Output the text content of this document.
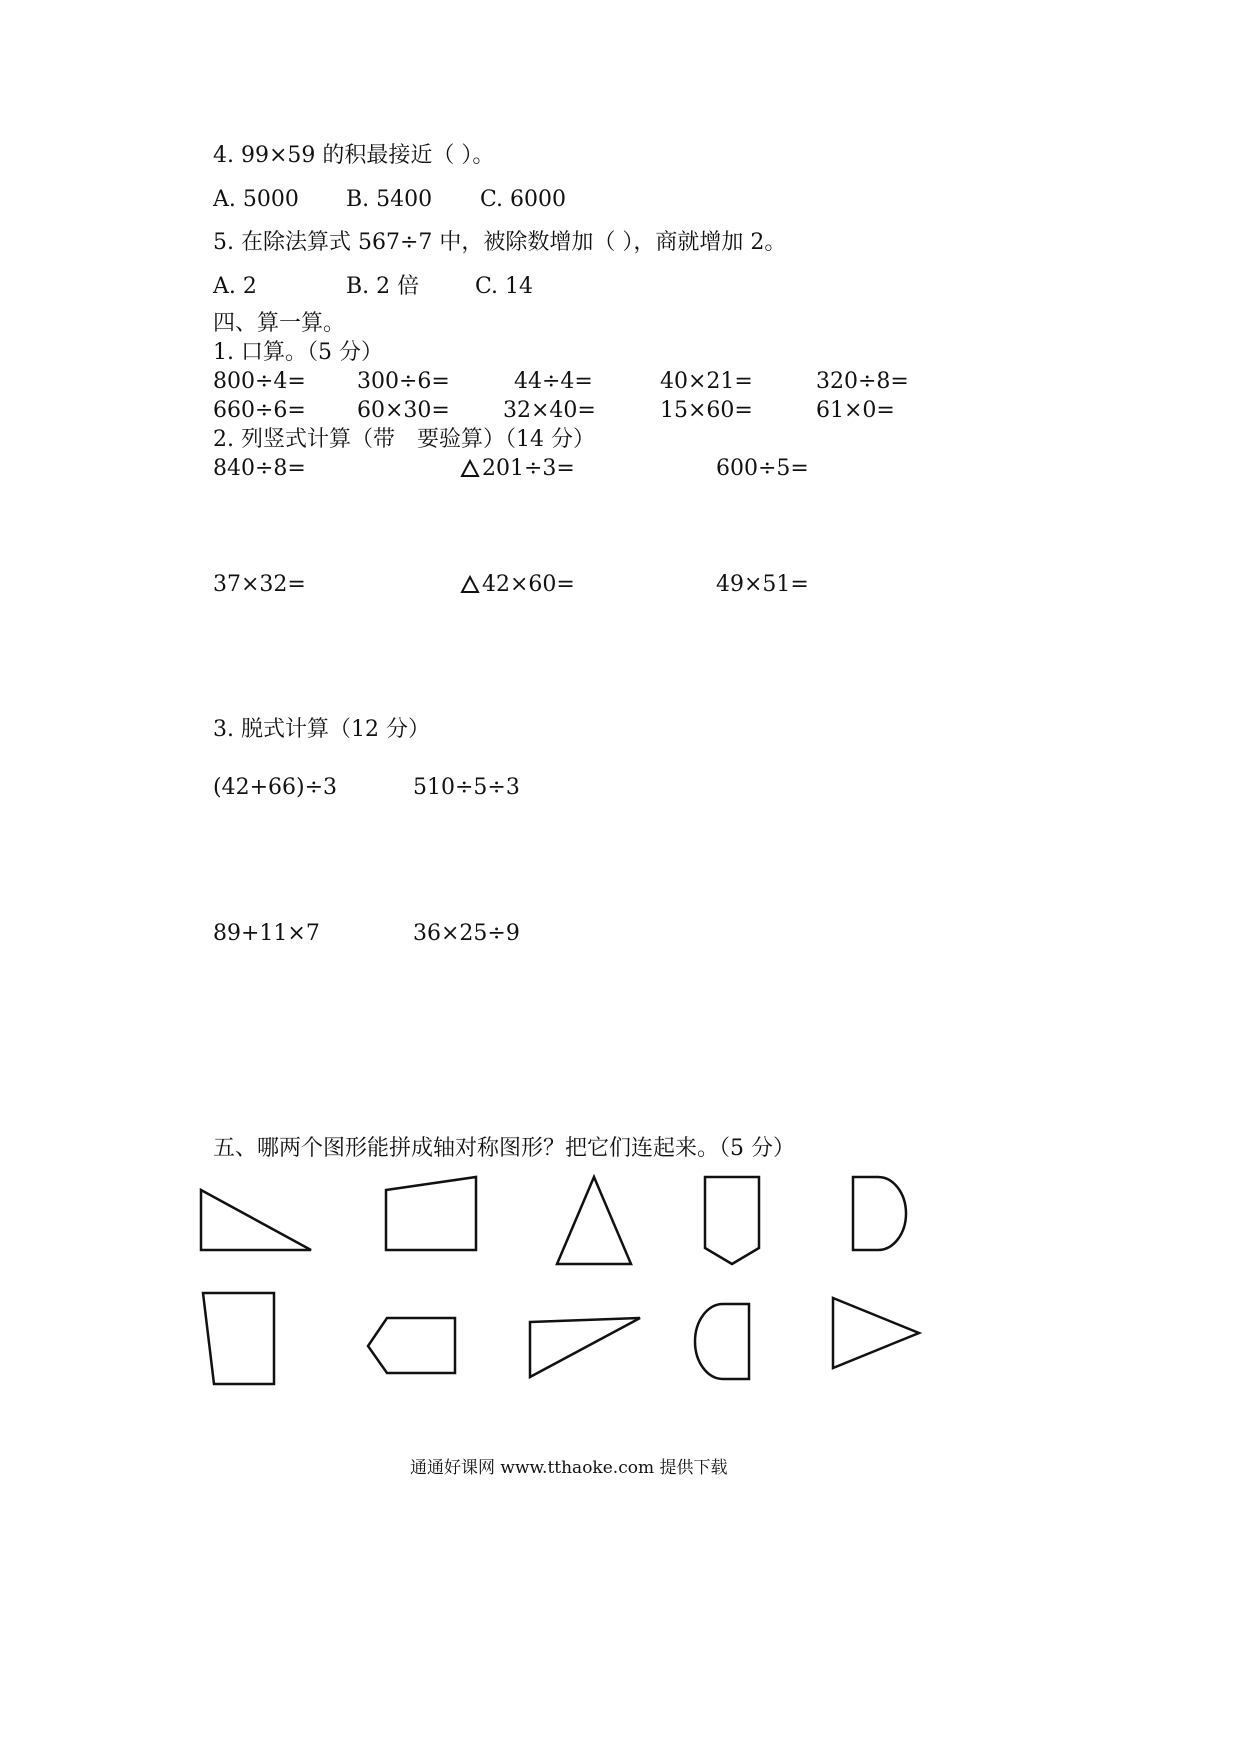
4. 99×59 的积最接近（ ）。
A. 5000 B. 5400 C. 6000
5. 在除法算式 567÷7 中，被除数增加（ ），商就增加 2。
A. 2	B. 2 倍	C. 14
四、算一算。
1. 口算。（5 分）
800÷4= 300÷6=	44÷4=	40×21=	320÷8=
660÷6= 60×30= 32×40=	15×60=	61×0=
2. 列竖式计算（带　要验算）（14 分）
840÷8=	201÷3=	600÷5=
37×32=	42×60=	49×51=
3. 脱式计算（12 分）
(42+66)÷3	510÷5÷3
89+11×7	36×25÷9
五、哪两个图形能拼成轴对称图形？把它们连起来。（5 分）
通通好课网 www.tthaoke.com 提供下载
